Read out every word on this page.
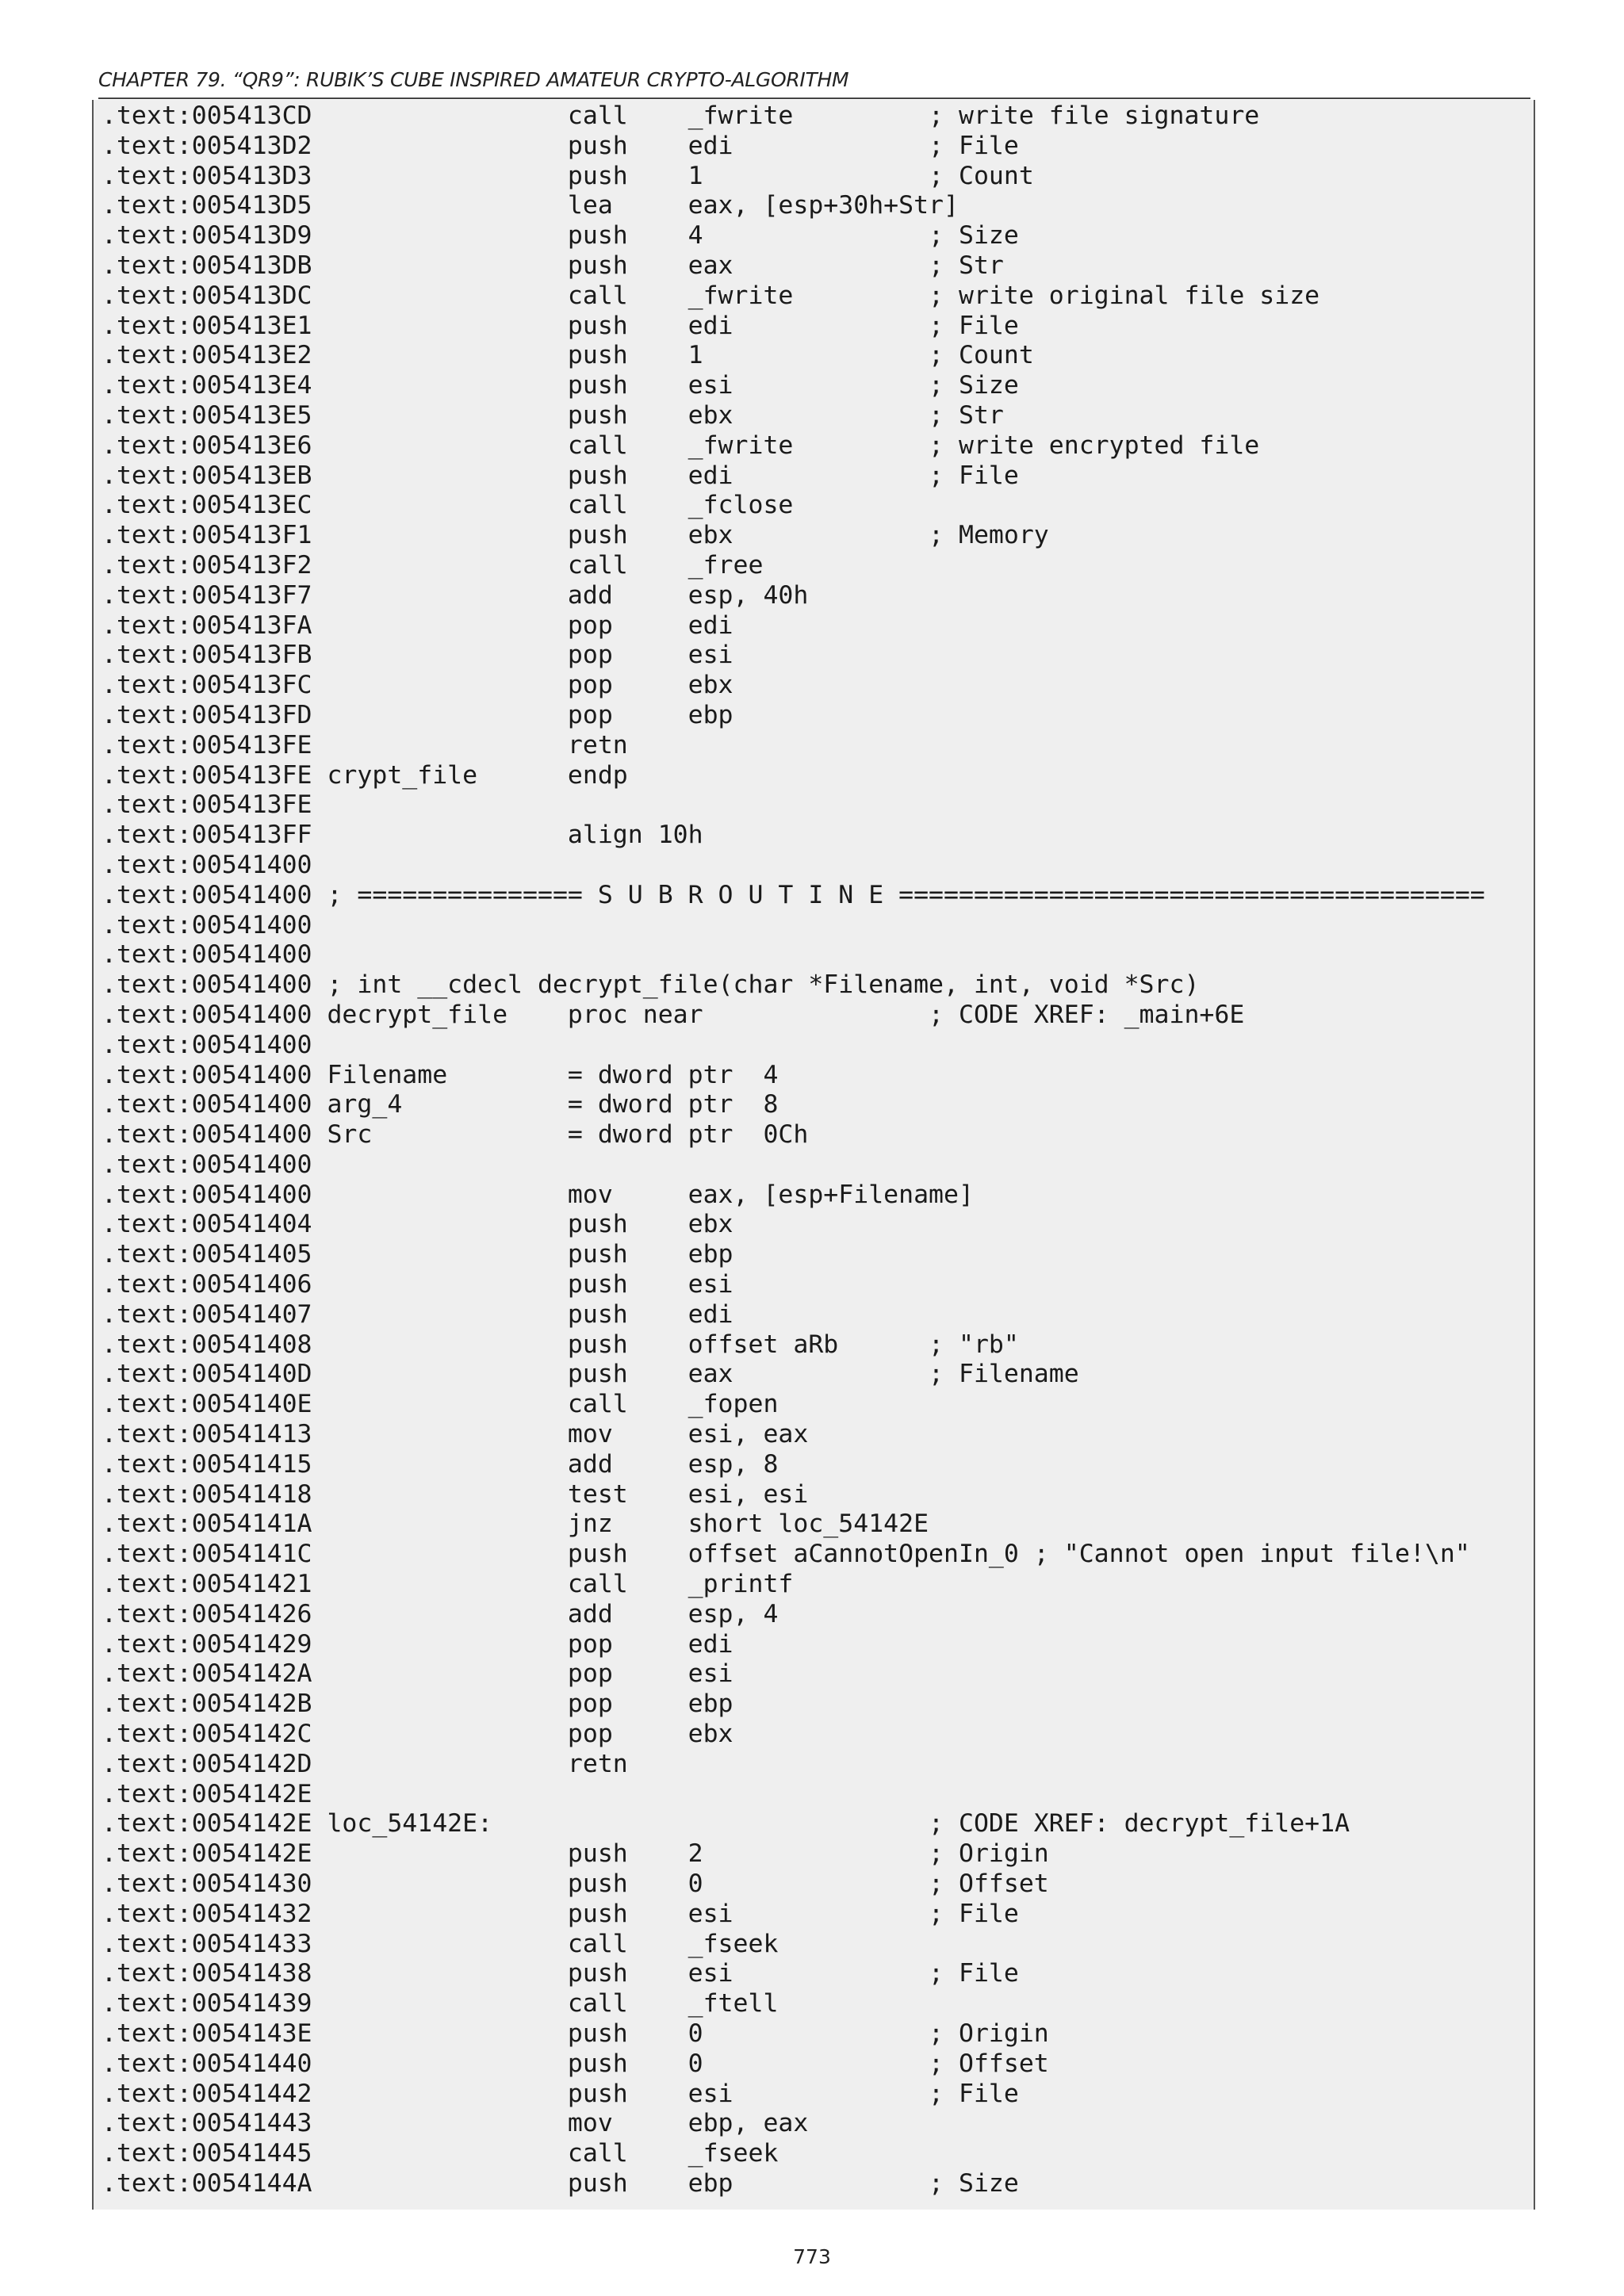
CHAPTER 79. “QR9”: RUBIK’S CUBE INSPIRED AMATEUR CRYPTO-ALGORITHM
.text:005413CD                 call    _fwrite         ; write file signature
.text:005413D2                 push    edi             ; File
.text:005413D3                 push    1               ; Count
.text:005413D5                 lea     eax, [esp+30h+Str]
.text:005413D9                 push    4               ; Size
.text:005413DB                 push    eax             ; Str
.text:005413DC                 call    _fwrite         ; write original file size
.text:005413E1                 push    edi             ; File
.text:005413E2                 push    1               ; Count
.text:005413E4                 push    esi             ; Size
.text:005413E5                 push    ebx             ; Str
.text:005413E6                 call    _fwrite         ; write encrypted file
.text:005413EB                 push    edi             ; File
.text:005413EC                 call    _fclose
.text:005413F1                 push    ebx             ; Memory
.text:005413F2                 call    _free
.text:005413F7                 add     esp, 40h
.text:005413FA                 pop     edi
.text:005413FB                 pop     esi
.text:005413FC                 pop     ebx
.text:005413FD                 pop     ebp
.text:005413FE                 retn
.text:005413FE crypt_file      endp
.text:005413FE
.text:005413FF                 align 10h
.text:00541400
.text:00541400 ; =============== S U B R O U T I N E =======================================
.text:00541400
.text:00541400
.text:00541400 ; int __cdecl decrypt_file(char *Filename, int, void *Src)
.text:00541400 decrypt_file    proc near               ; CODE XREF: _main+6E
.text:00541400
.text:00541400 Filename        = dword ptr  4
.text:00541400 arg_4           = dword ptr  8
.text:00541400 Src             = dword ptr  0Ch
.text:00541400
.text:00541400                 mov     eax, [esp+Filename]
.text:00541404                 push    ebx
.text:00541405                 push    ebp
.text:00541406                 push    esi
.text:00541407                 push    edi
.text:00541408                 push    offset aRb      ; "rb"
.text:0054140D                 push    eax             ; Filename
.text:0054140E                 call    _fopen
.text:00541413                 mov     esi, eax
.text:00541415                 add     esp, 8
.text:00541418                 test    esi, esi
.text:0054141A                 jnz     short loc_54142E
.text:0054141C                 push    offset aCannotOpenIn_0 ; "Cannot open input file!\n"
.text:00541421                 call    _printf
.text:00541426                 add     esp, 4
.text:00541429                 pop     edi
.text:0054142A                 pop     esi
.text:0054142B                 pop     ebp
.text:0054142C                 pop     ebx
.text:0054142D                 retn
.text:0054142E
.text:0054142E loc_54142E:                             ; CODE XREF: decrypt_file+1A
.text:0054142E                 push    2               ; Origin
.text:00541430                 push    0               ; Offset
.text:00541432                 push    esi             ; File
.text:00541433                 call    _fseek
.text:00541438                 push    esi             ; File
.text:00541439                 call    _ftell
.text:0054143E                 push    0               ; Origin
.text:00541440                 push    0               ; Offset
.text:00541442                 push    esi             ; File
.text:00541443                 mov     ebp, eax
.text:00541445                 call    _fseek
.text:0054144A                 push    ebp             ; Size
773
